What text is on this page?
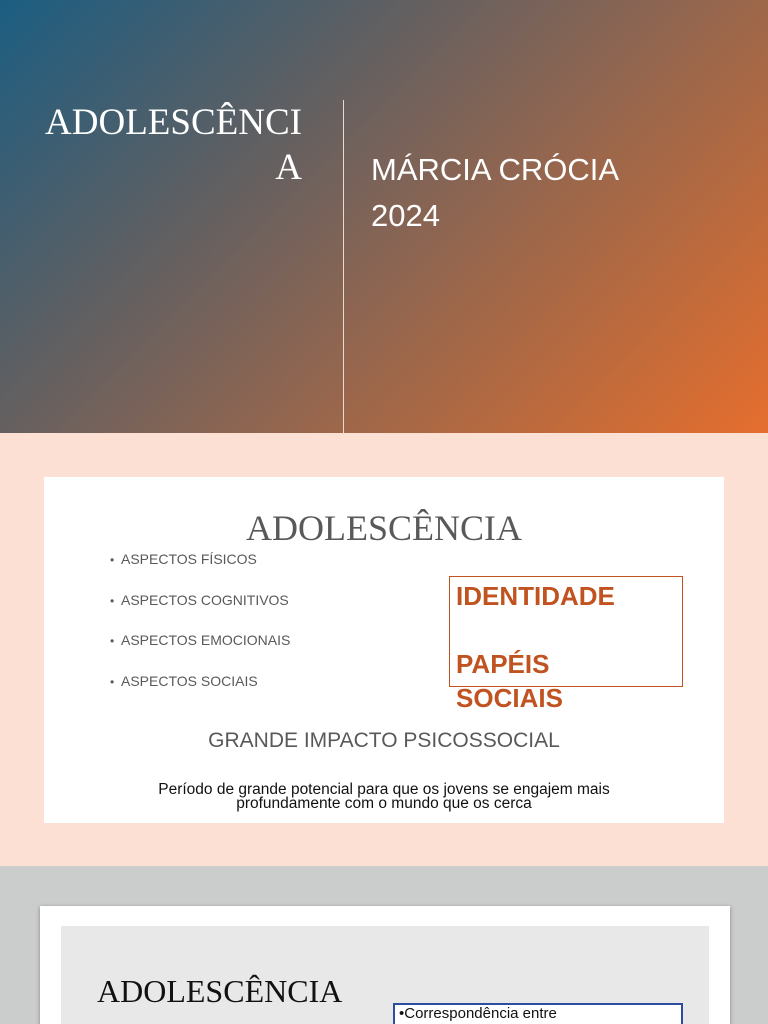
ADOLESCÊNCI
A MÁRCIA CRÓCIA
2024
ADOLESCÊNCIA
• ASPECTOS FÍSICOS
• ASPECTOS COGNITIVOS
• ASPECTOS EMOCIONAIS
• ASPECTOS SOCIAIS
IDENTIDADE
PAPÉIS
SOCIAIS
GRANDE IMPACTO PSICOSSOCIAL
Período de grande potencial para que os jovens se engajem mais
profundamente com o mundo que os cerca
ADOLESCÊNCIA
•Correspondência entre
